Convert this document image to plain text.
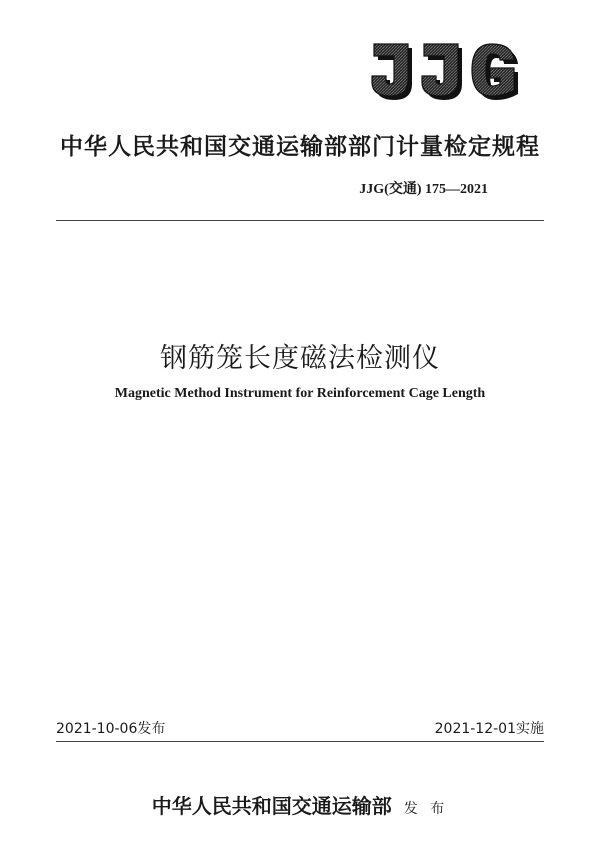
中华人民共和国交通运输部部门计量检定规程
JJG(交通) 175—2021
钢筋笼长度磁法检测仪
Magnetic Method Instrument for Reinforcement Cage Length
2021-10-06发布	2021-12-01实施
中华人民共和国交通运输部 发 布
